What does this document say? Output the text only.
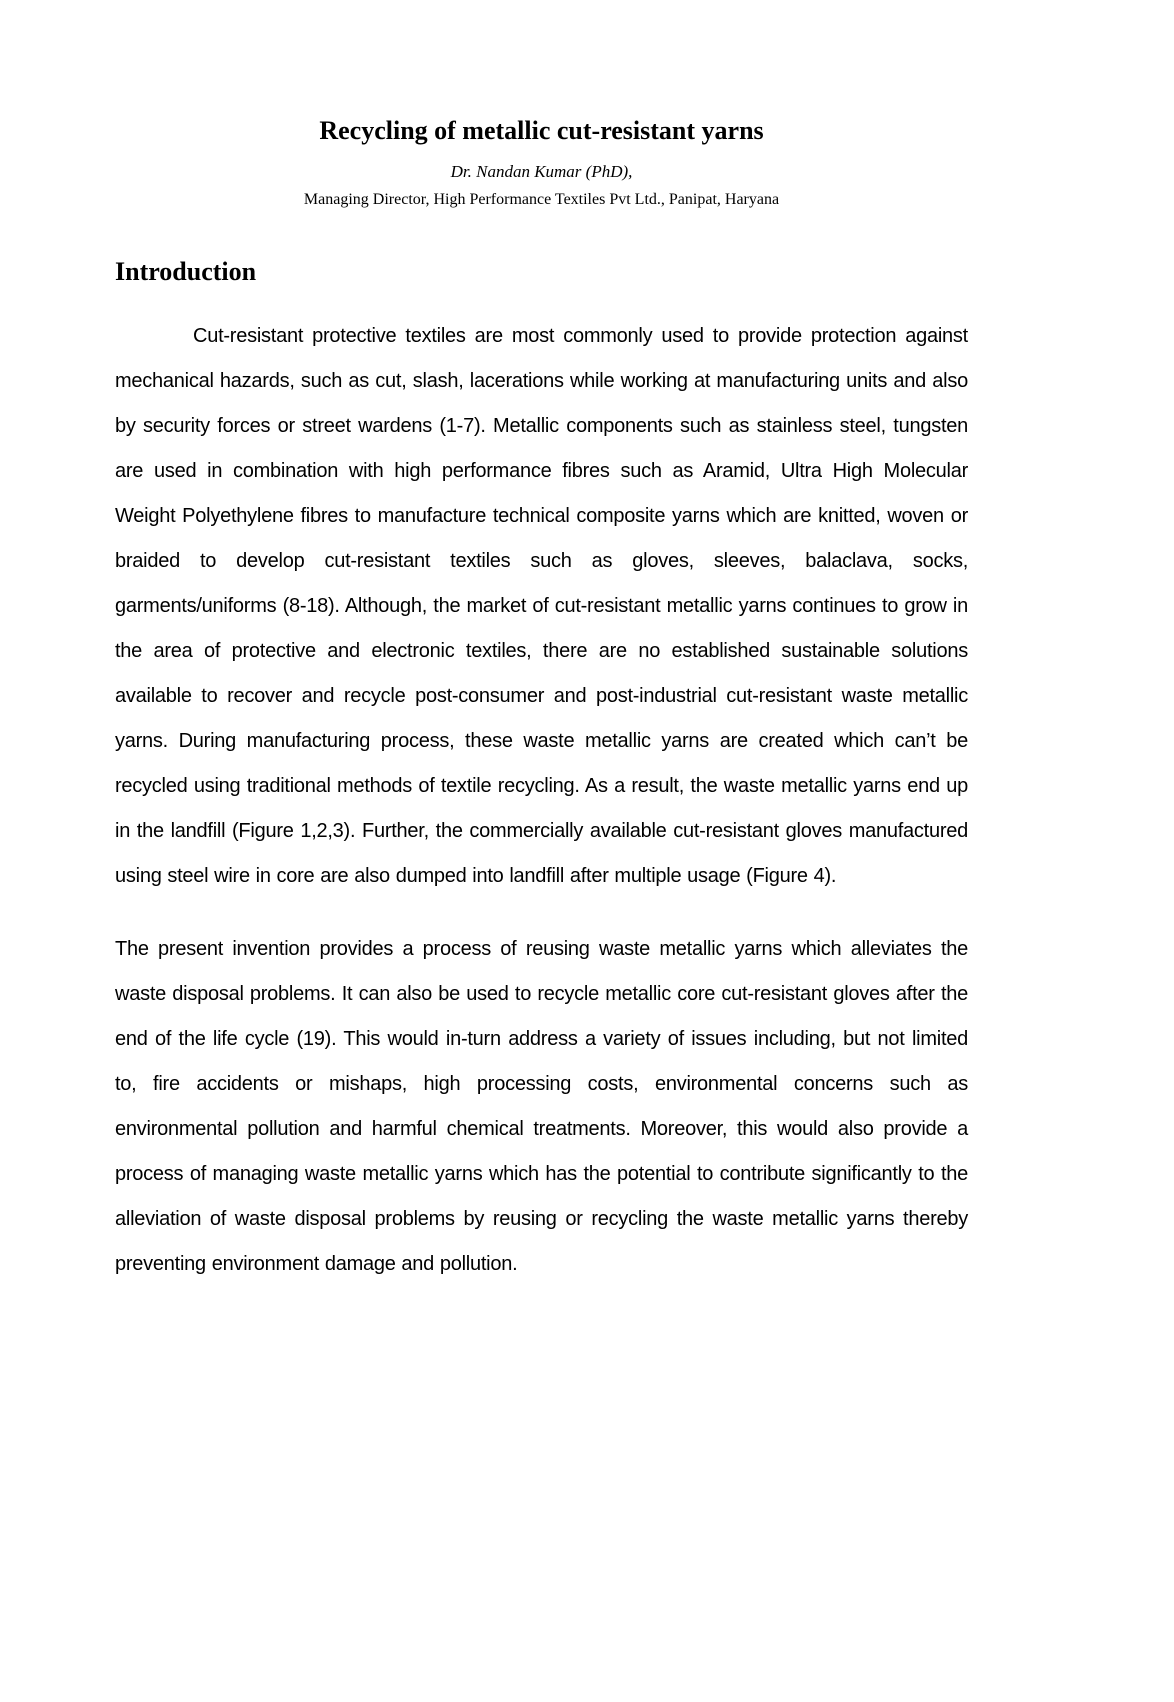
Recycling of metallic cut-resistant yarns
Dr. Nandan Kumar (PhD),
Managing Director, High Performance Textiles Pvt Ltd., Panipat, Haryana
Introduction

Cut-resistant protective textiles are most commonly used to provide protection against mechanical hazards, such as cut, slash, lacerations while working at manufacturing units and also by security forces or street wardens (1-7). Metallic components such as stainless steel, tungsten are used in combination with high performance fibres such as Aramid, Ultra High Molecular Weight Polyethylene fibres to manufacture technical composite yarns which are knitted, woven or braided to develop cut-resistant textiles such as gloves, sleeves, balaclava, socks, garments/uniforms (8-18). Although, the market of cut-resistant metallic yarns continues to grow in the area of protective and electronic textiles, there are no established sustainable solutions available to recover and recycle post-consumer and post-industrial cut-resistant waste metallic yarns. During manufacturing process, these waste metallic yarns are created which can’t be recycled using traditional methods of textile recycling. As a result, the waste metallic yarns end up in the landfill (Figure 1,2,3). Further, the commercially available cut-resistant gloves manufactured using steel wire in core are also dumped into landfill after multiple usage (Figure 4).

The present invention provides a process of reusing waste metallic yarns which alleviates the waste disposal problems. It can also be used to recycle metallic core cut-resistant gloves after the end of the life cycle (19). This would in-turn address a variety of issues including, but not limited to, fire accidents or mishaps, high processing costs, environmental concerns such as environmental pollution and harmful chemical treatments. Moreover, this would also provide a process of managing waste metallic yarns which has the potential to contribute significantly to the alleviation of waste disposal problems by reusing or recycling the waste metallic yarns thereby preventing environment damage and pollution.
